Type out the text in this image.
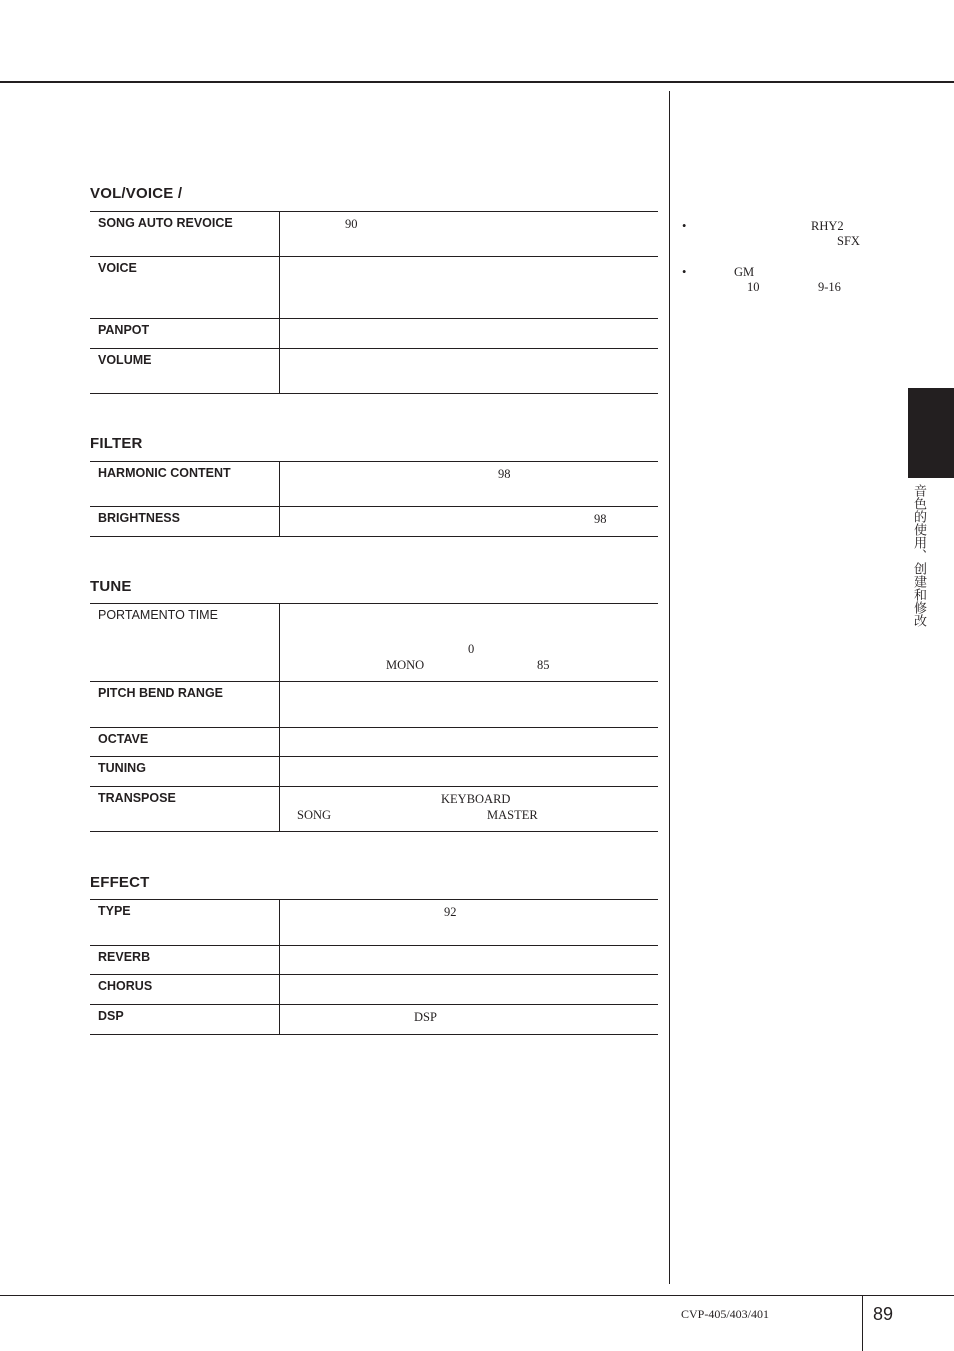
VOL/VOICE /
SONG AUTO REVOICE	90

VOICE	
PANPOT	
VOLUME	
FILTER
HARMONIC CONTENT	98

BRIGHTNESS	98
TUNE
PORTAMENTO TIME	0
MONO 85

PITCH BEND RANGE	
OCTAVE	
TUNING	
TRANSPOSE	KEYBOARD
SONG MASTER
EFFECT
TYPE	92

REVERB	
CHORUS	
DSP	DSP
•	RHY2
SFX
•	GM
10	9-16
音色的使用、创建和修改
CVP-405/403/401	89
